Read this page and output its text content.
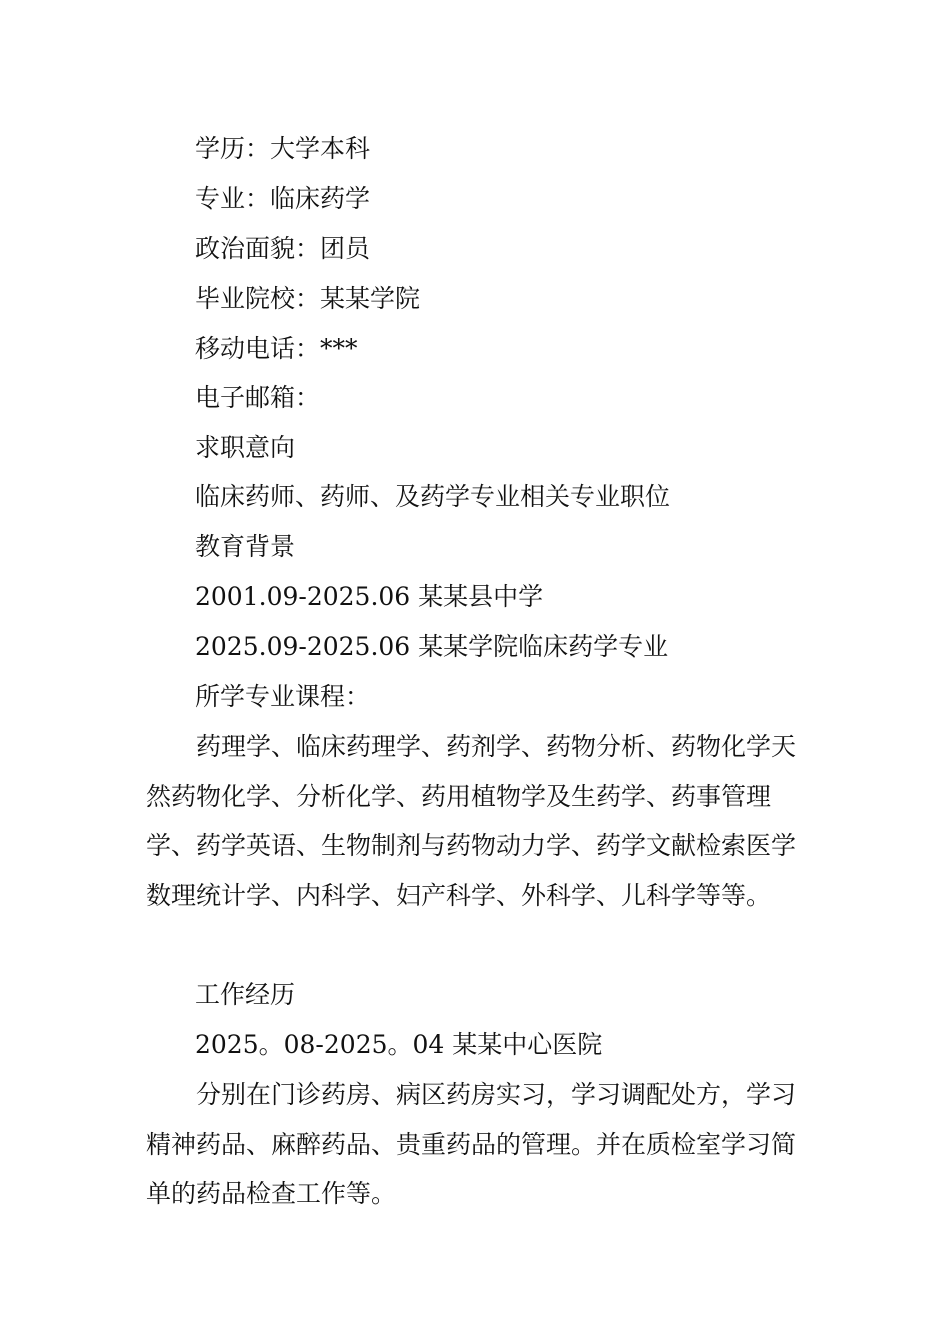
学历：大学本科
专业：临床药学
政治面貌：团员
毕业院校：某某学院
移动电话：***
电子邮箱：
求职意向
临床药师、药师、及药学专业相关专业职位
教育背景
2001.09-2025.06 某某县中学
2025.09-2025.06 某某学院临床药学专业
所学专业课程：
药理学、临床药理学、药剂学、药物分析、药物化学天然药物化学、分析化学、药用植物学及生药学、药事管理学、药学英语、生物制剂与药物动力学、药学文献检索医学数理统计学、内科学、妇产科学、外科学、儿科学等等。
工作经历
2025。08-2025。04 某某中心医院
分别在门诊药房、病区药房实习，学习调配处方，学习精神药品、麻醉药品、贵重药品的管理。并在质检室学习简单的药品检查工作等。
